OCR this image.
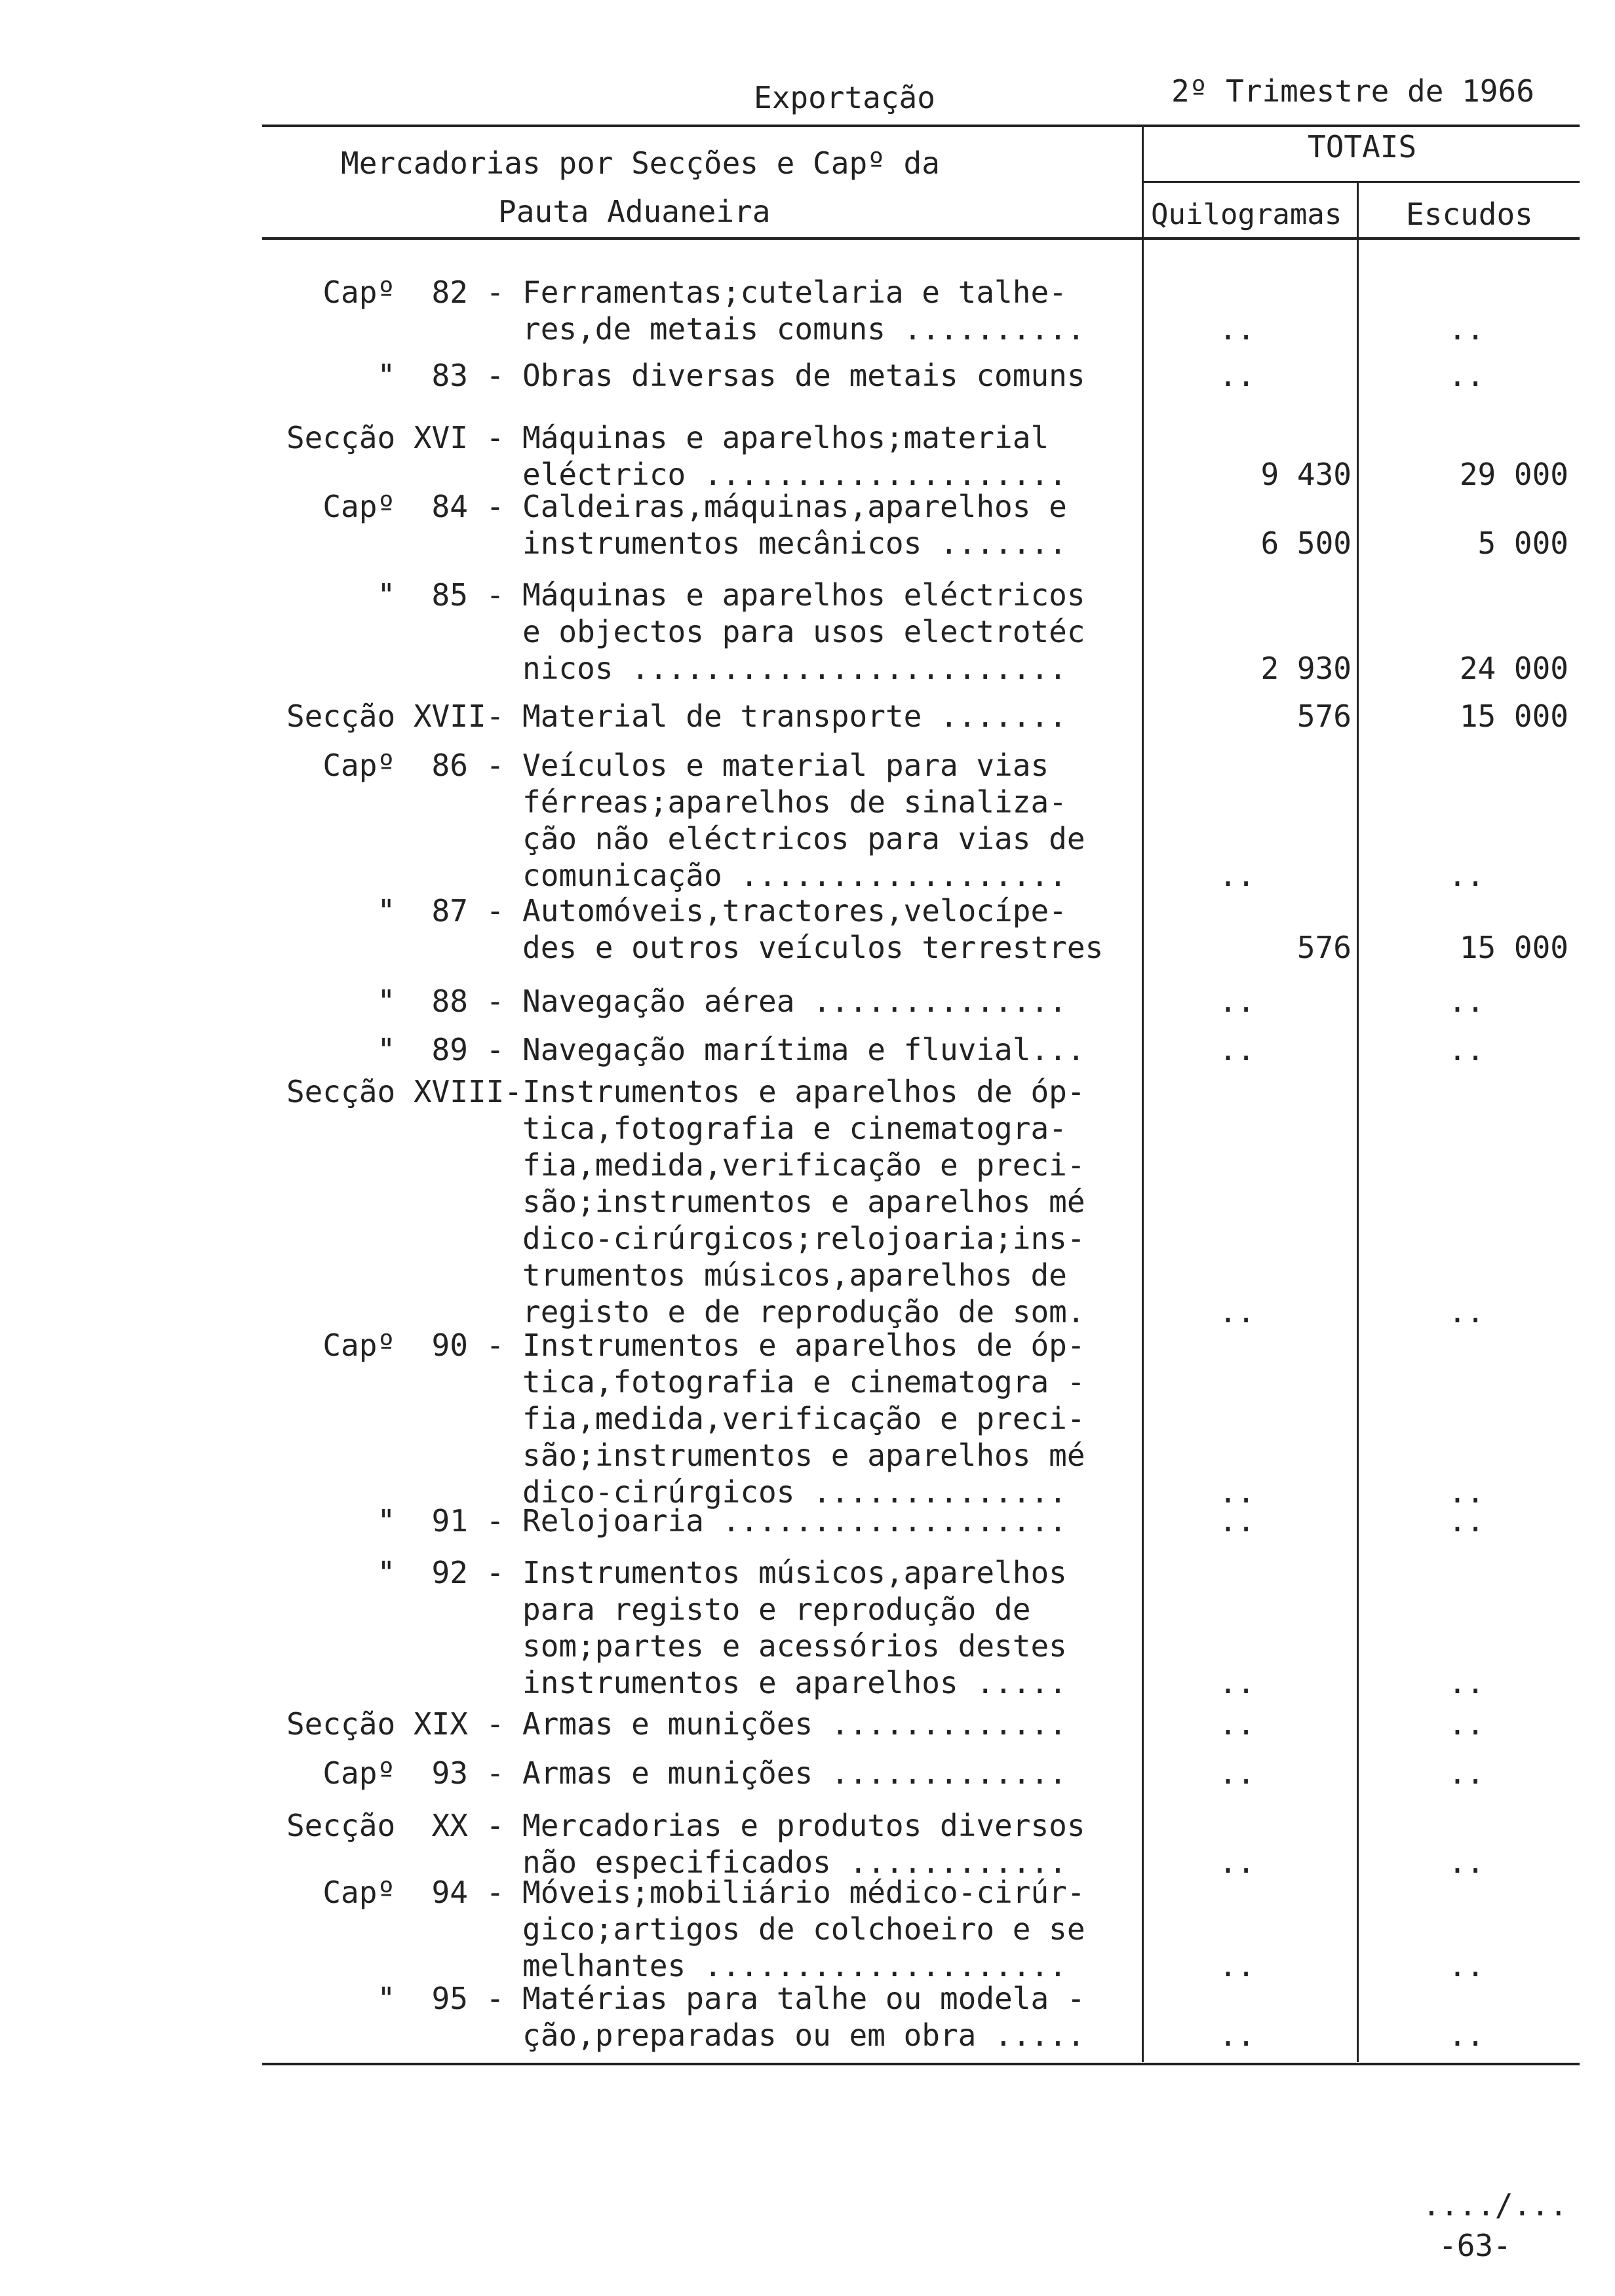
Exportação	2º Trimestre de 1966
Mercadorias por Secções e Capº da
Pauta Aduaneira
TOTAIS
Quilogramas Escudos
Capº  82 - Ferramentas;cutelaria e talhe-
res,de metais comuns ..........	..	..
"  83 - Obras diversas de metais comuns	..	..
Secção XVI - Máquinas e aparelhos;material
eléctrico ....................	9 430	29 000
Capº  84 - Caldeiras,máquinas,aparelhos e
instrumentos mecânicos .......	6 500	5 000
"  85 - Máquinas e aparelhos eléctricos
e objectos para usos electrotéc
nicos ........................	2 930	24 000
Secção XVII- Material de transporte .......	576	15 000
Capº  86 - Veículos e material para vias
férreas;aparelhos de sinaliza-
ção não eléctricos para vias de
comunicação ..................	..	..
"  87 - Automóveis,tractores,velocípe-
des e outros veículos terrestres	576	15 000
"  88 - Navegação aérea ..............	..	..
"  89 - Navegação marítima e fluvial...	..	..
Secção XVIII- Instrumentos e aparelhos de óp-
tica,fotografia e cinematogra-
fia,medida,verificação e preci-
são;instrumentos e aparelhos mé
dico-cirúrgicos;relojoaria;ins-
trumentos músicos,aparelhos de
registo e de reprodução de som.	..	..
Capº  90 - Instrumentos e aparelhos de óp-
tica,fotografia e cinematogra -
fia,medida,verificação e preci-
são;instrumentos e aparelhos mé
dico-cirúrgicos ..............	..	..
"  91 - Relojoaria ...................	..	..
"  92 - Instrumentos músicos,aparelhos
para registo e reprodução de
som;partes e acessórios destes
instrumentos e aparelhos .....	..	..
Secção XIX - Armas e munições .............	..	..
Capº  93 - Armas e munições .............	..	..
Secção  XX - Mercadorias e produtos diversos
não especificados ............	..	..
Capº  94 - Móveis;mobiliário médico-cirúr-
gico;artigos de colchoeiro e se
melhantes ....................	..	..
"  95 - Matérias para talhe ou modela -
ção,preparadas ou em obra .....	..	..
..../...
-63-
